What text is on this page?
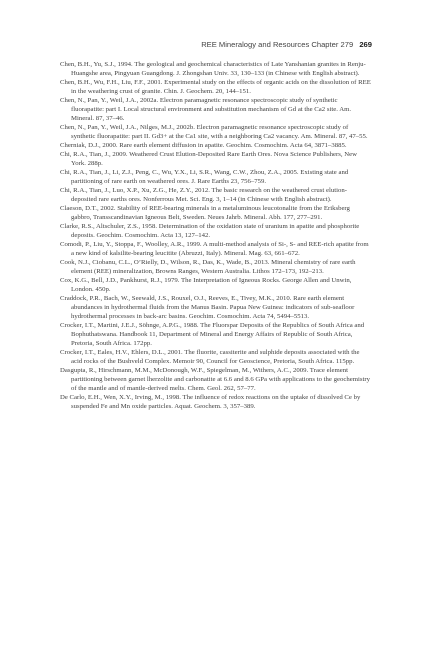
REE Mineralogy and Resources Chapter 279 269

Chen, B.H., Yu, S.J., 1994. The geological and geochemical characteristics of Late Yanshanian granites in Renju-Huangshe area, Pingyuan Guangdong. J. Zhongshan Univ. 33, 130–133 (in Chinese with English abstract).

Chen, B.H., Wu, F.H., Liu, F.F., 2001. Experimental study on the effects of organic acids on the dissolution of REE in the weathering crust of granite. Chin. J. Geochem. 20, 144–151.

Chen, N., Pan, Y., Weil, J.A., 2002a. Electron paramagnetic resonance spectroscopic study of synthetic fluorapatite: part I. Local structural environment and substitution mechanism of Gd at the Ca2 site. Am. Mineral. 87, 37–46.

Chen, N., Pan, Y., Weil, J.A., Nilges, M.J., 2002b. Electron paramagnetic resonance spectroscopic study of synthetic fluorapatite: part II. Gd3+ at the Ca1 site, with a neighboring Ca2 vacancy. Am. Mineral. 87, 47–55.

Cherniak, D.J., 2000. Rare earth element diffusion in apatite. Geochim. Cosmochim. Acta 64, 3871–3885.

Chi, R.A., Tian, J., 2009. Weathered Crust Elution-Deposited Rare Earth Ores. Nova Science Publishers, New York. 288p.

Chi, R.A., Tian, J., Li, Z.J., Peng, C., Wu, Y.X., Li, S.R., Wang, C.W., Zhou, Z.A., 2005. Existing state and partitioning of rare earth on weathered ores. J. Rare Earths 23, 756–759.

Chi, R.A., Tian, J., Luo, X.P., Xu, Z.G., He, Z.Y., 2012. The basic research on the weathered crust elution-deposited rare earths ores. Nonferrous Met. Sci. Eng. 3, 1–14 (in Chinese with English abstract).

Claeson, D.T., 2002. Stability of REE-bearing minerals in a metaluminous leucotonalite from the Eriksberg gabbro, Transscandinavian Igneous Belt, Sweden. Neues Jahrb. Mineral. Abh. 177, 277–291.

Clarke, R.S., Altschuler, Z.S., 1958. Determination of the oxidation state of uranium in apatite and phosphorite deposits. Geochim. Cosmochim. Acta 13, 127–142.

Comodi, P., Liu, Y., Stoppa, F., Woolley, A.R., 1999. A multi-method analysis of Si-, S- and REE-rich apatite from a new kind of kalsilite-bearing leucitite (Abruzzi, Italy). Mineral. Mag. 63, 661–672.

Cook, N.J., Ciobanu, C.L., O’Rielly, D., Wilson, R., Das, K., Wade, B., 2013. Mineral chemistry of rare earth element (REE) mineralization, Browns Ranges, Western Australia. Lithos 172–173, 192–213.

Cox, K.G., Bell, J.D., Pankhurst, R.J., 1979. The Interpretation of Igneous Rocks. George Allen and Unwin, London. 450p.

Craddock, P.R., Bach, W., Seewald, J.S., Rouxel, O.J., Reeves, E., Tivey, M.K., 2010. Rare earth element abundances in hydrothermal fluids from the Manus Basin. Papua New Guinea: indicators of sub-seafloor hydrothermal processes in back-arc basins. Geochim. Cosmochim. Acta 74, 5494–5513.

Crocker, I.T., Martini, J.E.J., Söhnge, A.P.G., 1988. The Fluorspar Deposits of the Republics of South Africa and Bophuthatswana. Handbook 11, Department of Mineral and Energy Affairs of Republic of South Africa, Pretoria, South Africa. 172pp.

Crocker, I.T., Eales, H.V., Ehlers, D.L., 2001. The fluorite, cassiterite and sulphide deposits associated with the acid rocks of the Bushveld Complex. Memoir 90, Council for Geoscience, Pretoria, South Africa. 115pp.

Dasgupta, R., Hirschmann, M.M., McDonough, W.F., Spiegelman, M., Withers, A.C., 2009. Trace element partitioning between garnet lherzolite and carbonatite at 6.6 and 8.6 GPa with applications to the geochemistry of the mantle and of mantle-derived melts. Chem. Geol. 262, 57–77.

De Carlo, E.H., Wen, X.Y., Irving, M., 1998. The influence of redox reactions on the uptake of dissolved Ce by suspended Fe and Mn oxide particles. Aquat. Geochem. 3, 357–389.
